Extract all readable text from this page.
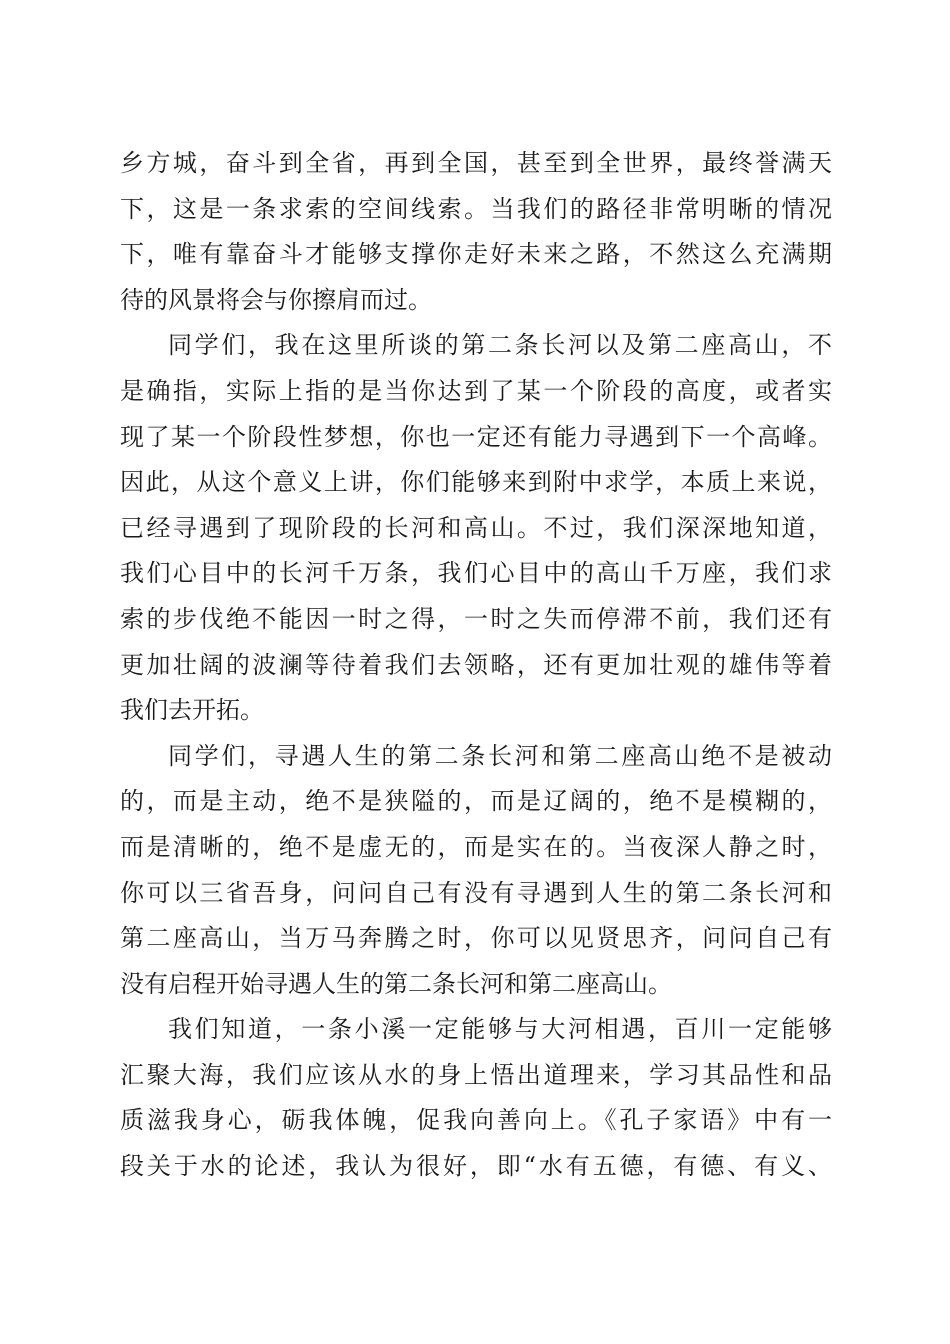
乡方城，奋斗到全省，再到全国，甚至到全世界，最终誉满天
下，这是一条求索的空间线索。当我们的路径非常明晰的情况
下，唯有靠奋斗才能够支撑你走好未来之路，不然这么充满期
待的风景将会与你擦肩而过。
同学们，我在这里所谈的第二条长河以及第二座高山，不
是确指，实际上指的是当你达到了某一个阶段的高度，或者实
现了某一个阶段性梦想，你也一定还有能力寻遇到下一个高峰。
因此，从这个意义上讲，你们能够来到附中求学，本质上来说，
已经寻遇到了现阶段的长河和高山。不过，我们深深地知道，
我们心目中的长河千万条，我们心目中的高山千万座，我们求
索的步伐绝不能因一时之得，一时之失而停滞不前，我们还有
更加壮阔的波澜等待着我们去领略，还有更加壮观的雄伟等着
我们去开拓。
同学们，寻遇人生的第二条长河和第二座高山绝不是被动
的，而是主动，绝不是狭隘的，而是辽阔的，绝不是模糊的，
而是清晰的，绝不是虚无的，而是实在的。当夜深人静之时，
你可以三省吾身，问问自己有没有寻遇到人生的第二条长河和
第二座高山，当万马奔腾之时，你可以见贤思齐，问问自己有
没有启程开始寻遇人生的第二条长河和第二座高山。
我们知道，一条小溪一定能够与大河相遇，百川一定能够
汇聚大海，我们应该从水的身上悟出道理来，学习其品性和品
质滋我身心，砺我体魄，促我向善向上。《孔子家语》中有一
段关于水的论述，我认为很好，即“水有五德，有德、有义、
